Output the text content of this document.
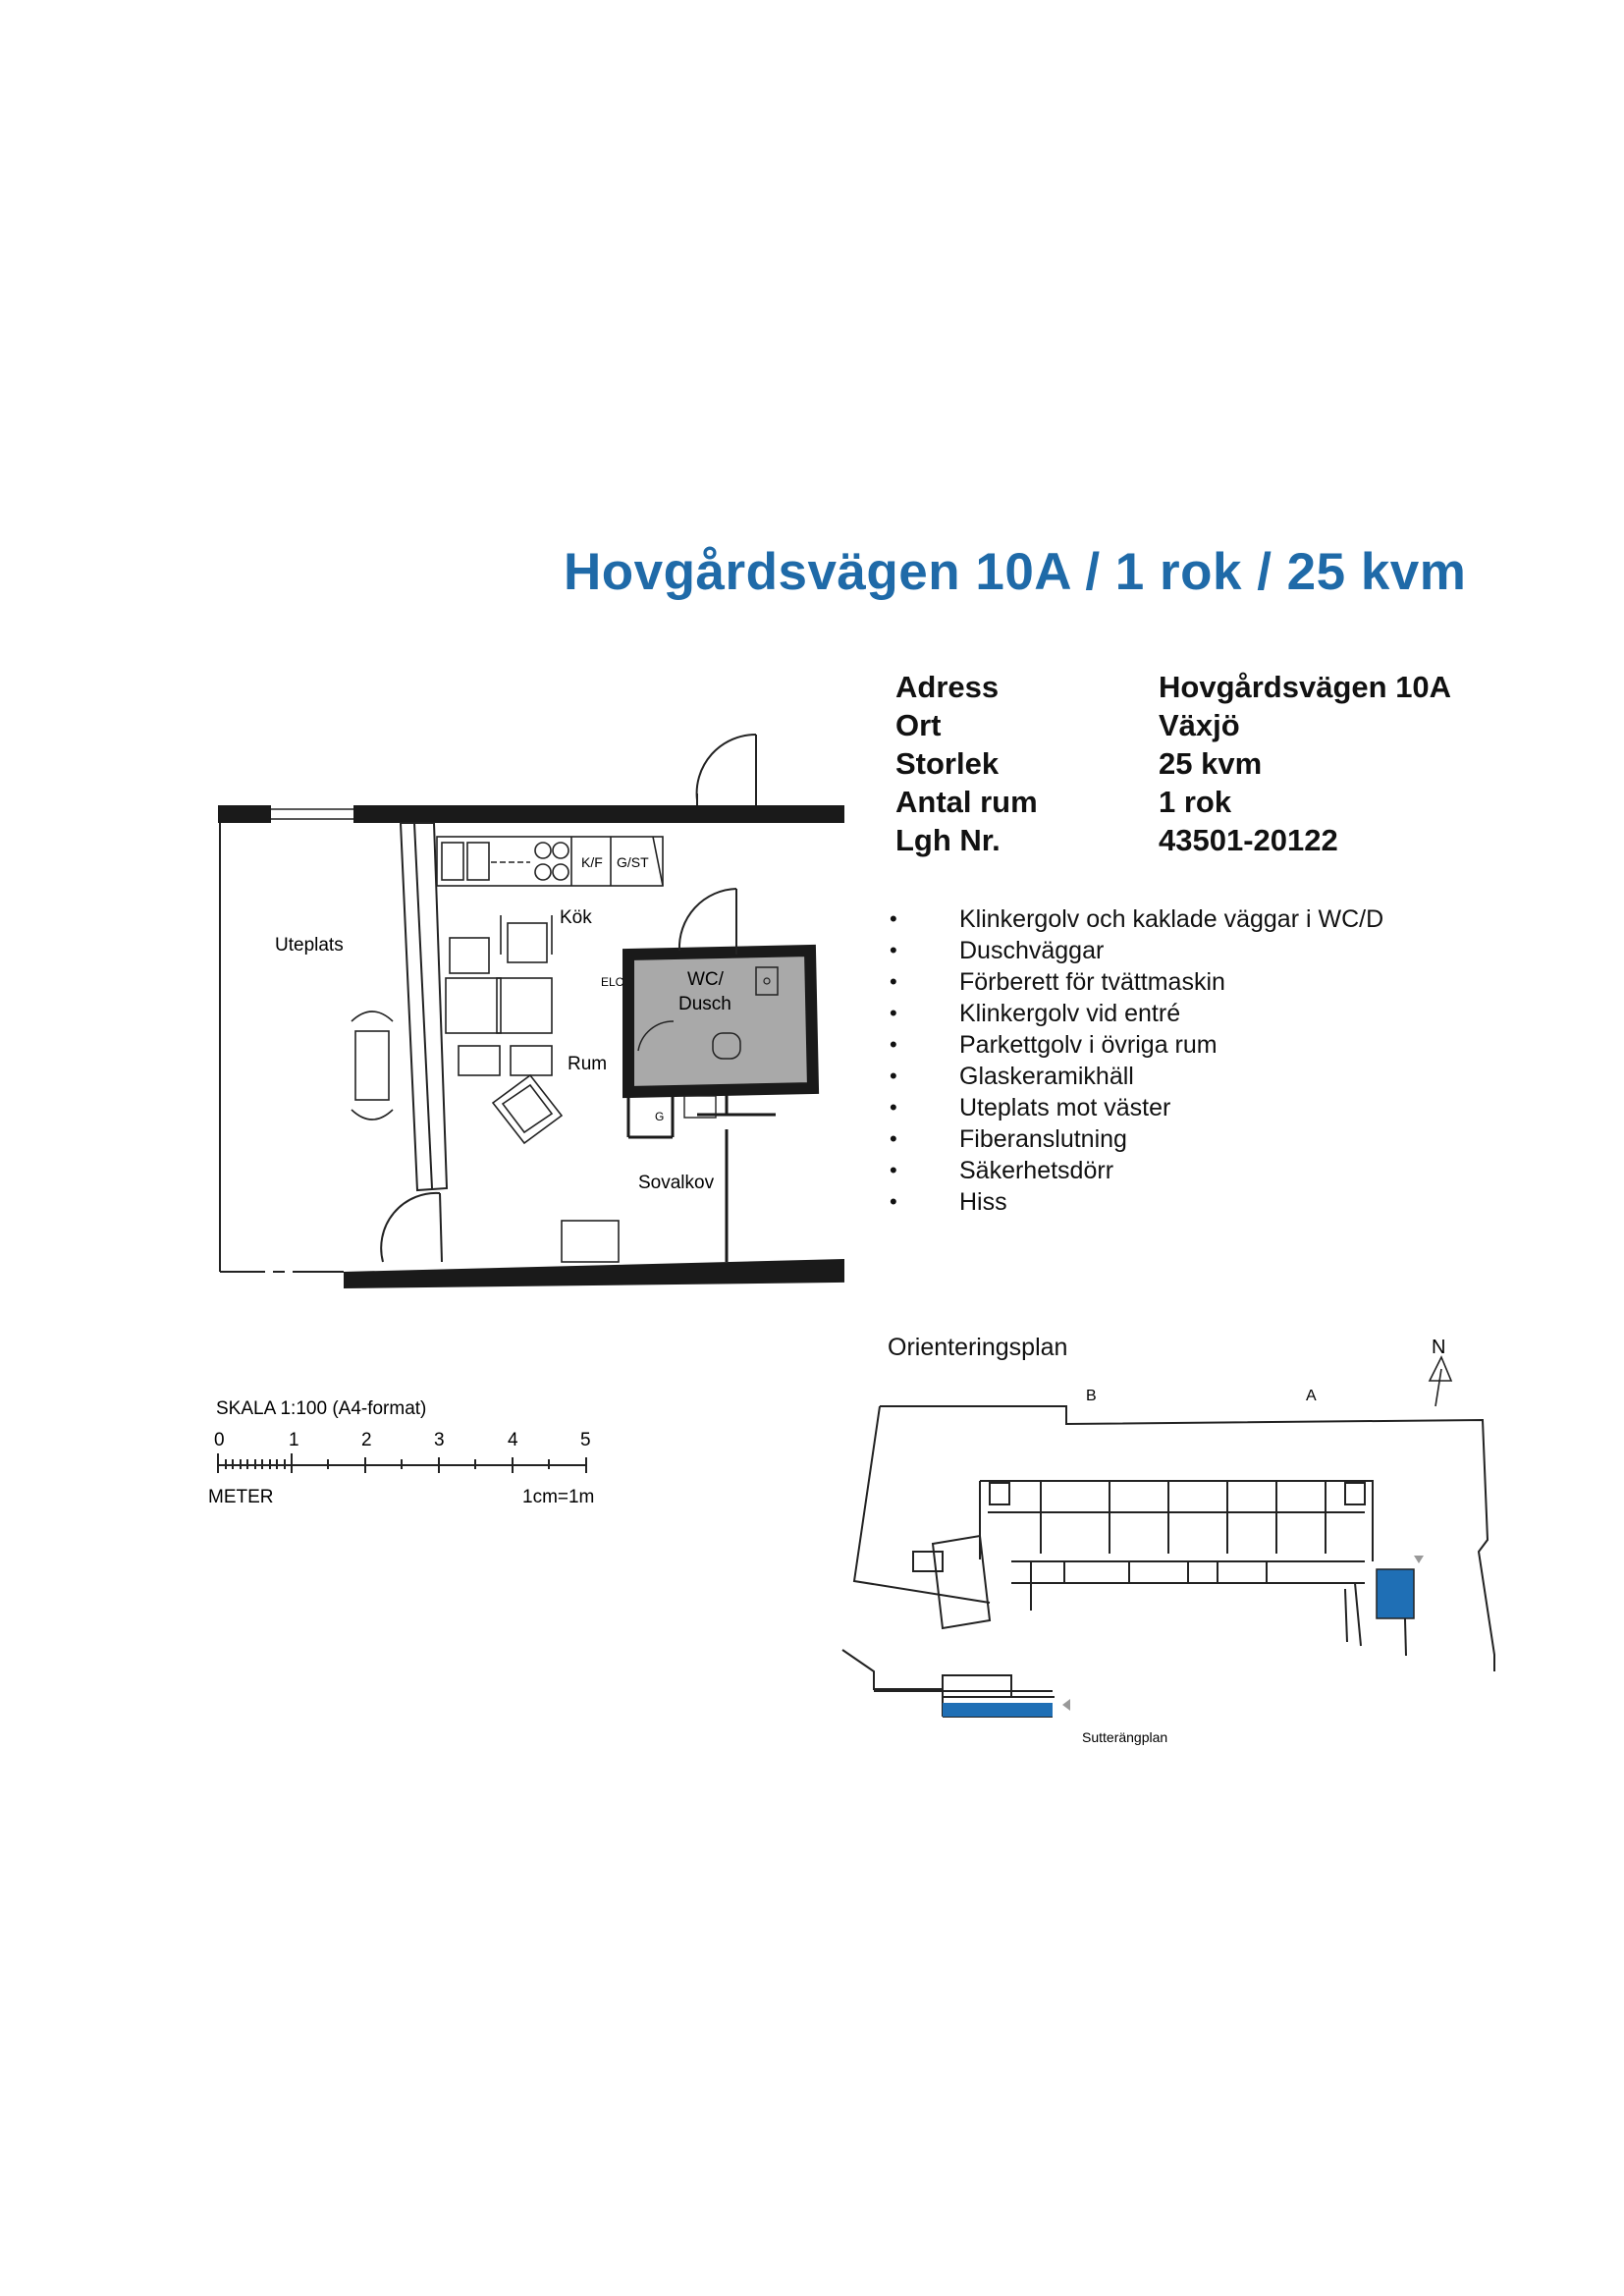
Hovgårdsvägen 10A / 1 rok / 25 kvm
Adress	Hovgårdsvägen 10A
Ort	Växjö
Storlek	25 kvm
Antal rum	1 rok
Lgh Nr.	43501-20122
•	Klinkergolv och kaklade väggar i WC/D
•	Duschväggar
•	Förberett för tvättmaskin
•	Klinkergolv vid entré
•	Parkettgolv i övriga rum
•	Glaskeramikhäll
•	Uteplats mot väster
•	Fiberanslutning
•	Säkerhetsdörr
•	Hiss
K/F G/ST
WC/
Dusch
G
Uteplats
Kök
Rum
Sovalkov
ELC
SKALA 1:100 (A4-format)
0	1	2	3	4	5
METER	1cm=1m
Orienteringsplan	N
B	A
Sutterängplan
